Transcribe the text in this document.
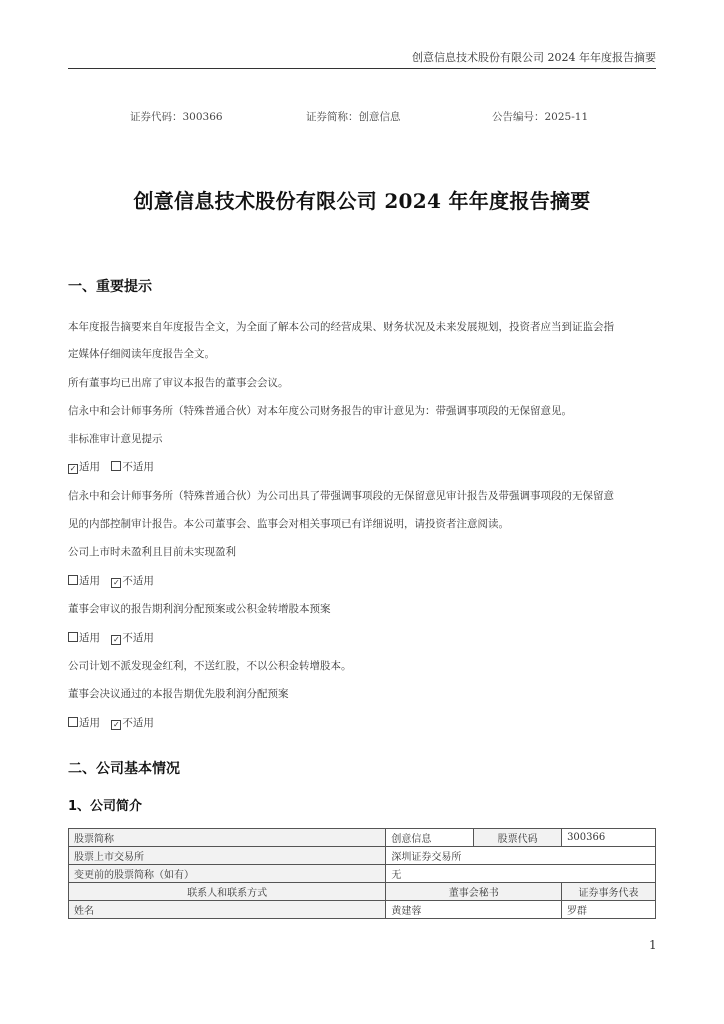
创意信息技术股份有限公司 2024 年年度报告摘要
证券代码：300366	证券简称：创意信息	公告编号：2025-11
创意信息技术股份有限公司 2024 年年度报告摘要
一、重要提示
本年度报告摘要来自年度报告全文，为全面了解本公司的经营成果、财务状况及未来发展规划，投资者应当到证监会指
定媒体仔细阅读年度报告全文。
所有董事均已出席了审议本报告的董事会会议。
信永中和会计师事务所（特殊普通合伙）对本年度公司财务报告的审计意见为：带强调事项段的无保留意见。
非标准审计意见提示
✓ 适用 不适用
信永中和会计师事务所（特殊普通合伙）为公司出具了带强调事项段的无保留意见审计报告及带强调事项段的无保留意
见的内部控制审计报告。本公司董事会、监事会对相关事项已有详细说明，请投资者注意阅读。
公司上市时未盈利且目前未实现盈利
适用 ✓ 不适用
董事会审议的报告期利润分配预案或公积金转增股本预案
适用 ✓ 不适用
公司计划不派发现金红利，不送红股，不以公积金转增股本。
董事会决议通过的本报告期优先股利润分配预案
适用 ✓ 不适用
二、公司基本情况
1、公司简介
股票简称	创意信息	股票代码	300366
股票上市交易所	深圳证券交易所		
变更前的股票简称（如有）	无		
联系人和联系方式	董事会秘书		证券事务代表
姓名	黄建蓉		罗群
1
